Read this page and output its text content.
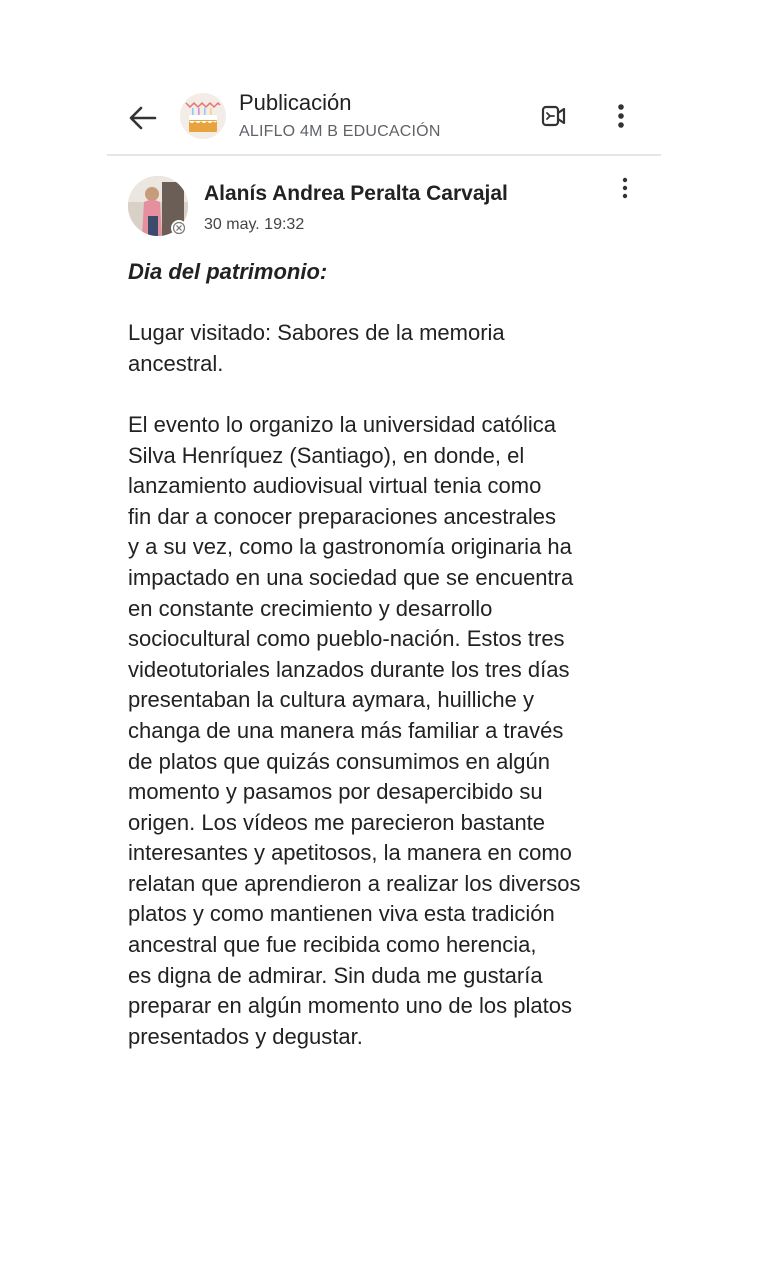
Publicación
ALIFLO 4M B EDUCACIÓN
Alanís Andrea Peralta Carvajal
30 may. 19:32
Dia del patrimonio:
Lugar visitado: Sabores de la memoria
ancestral.
El evento lo organizo la universidad católica
Silva Henríquez (Santiago), en donde, el
lanzamiento audiovisual virtual tenia como
fin dar a conocer preparaciones ancestrales
y a su vez, como la gastronomía originaria ha
impactado en una sociedad que se encuentra
en constante crecimiento y desarrollo
sociocultural como pueblo-nación. Estos tres
videotutoriales lanzados durante los tres días
presentaban la cultura aymara, huilliche y
changa de una manera más familiar a través
de platos que quizás consumimos en algún
momento y pasamos por desapercibido su
origen. Los vídeos me parecieron bastante
interesantes y apetitosos, la manera en como
relatan que aprendieron a realizar los diversos
platos y como mantienen viva esta tradición
ancestral que fue recibida como herencia,
es digna de admirar. Sin duda me gustaría
preparar en algún momento uno de los platos
presentados y degustar.
